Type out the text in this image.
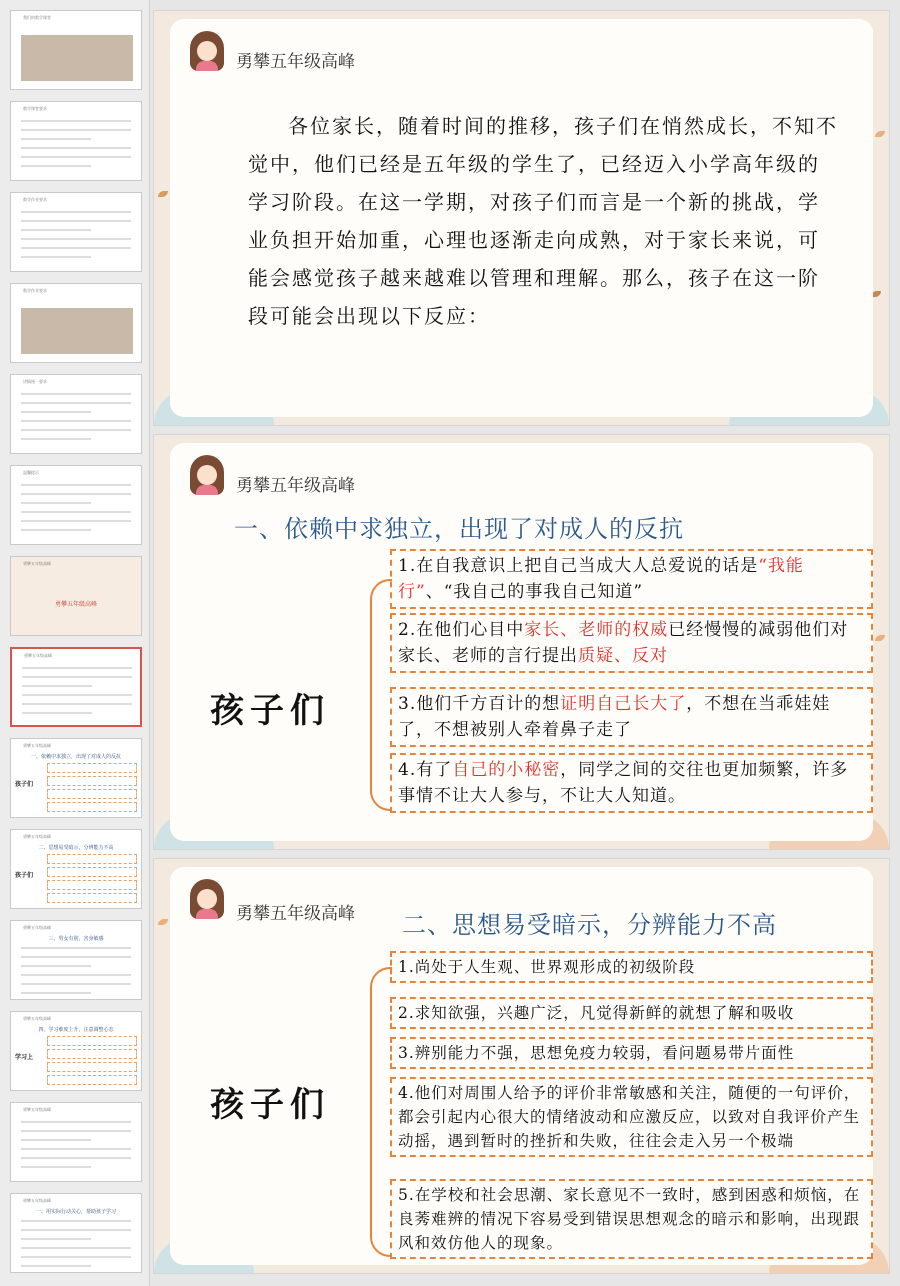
我们的数学课堂
数学课堂要求
数学作业要求
数学作业要求
讲稿统一要求
温馨提示
勇攀五年级高峰
勇攀五年级高峰
勇攀五年级高峰
勇攀五年级高峰
一、依赖中求独立，出现了对成人的反抗
孩子们
勇攀五年级高峰
二、思想易受暗示，分辨能力不高
孩子们
勇攀五年级高峰
三、男女有别，害身敏感
勇攀五年级高峰
四、学习难度上升，注意调整心态
学习上
勇攀五年级高峰
勇攀五年级高峰
一、用实际行动关心，帮助孩子学习
勇攀五年级高峰
各位家长，随着时间的推移，孩子们在悄然成长，不知不觉中，他们已经是五年级的学生了，已经迈入小学高年级的学习阶段。在这一学期，对孩子们而言是一个新的挑战，学业负担开始加重，心理也逐渐走向成熟，对于家长来说，可能会感觉孩子越来越难以管理和理解。那么，孩子在这一阶段可能会出现以下反应：
勇攀五年级高峰
一、依赖中求独立，出现了对成人的反抗
孩子们
1.在自我意识上把自己当成大人总爱说的话是“我能行”、“我自己的事我自己知道”
2.在他们心目中家长、老师的权威已经慢慢的减弱他们对家长、老师的言行提出质疑、反对
3.他们千方百计的想证明自己长大了，不想在当乖娃娃了，不想被别人牵着鼻子走了
4.有了自己的小秘密，同学之间的交往也更加频繁，许多事情不让大人参与，不让大人知道。
勇攀五年级高峰 二、思想易受暗示，分辨能力不高
孩子们
1.尚处于人生观、世界观形成的初级阶段
2.求知欲强，兴趣广泛，凡觉得新鲜的就想了解和吸收
3.辨别能力不强，思想免疫力较弱，看问题易带片面性
4.他们对周围人给予的评价非常敏感和关注，随便的一句评价，都会引起内心很大的情绪波动和应激反应，以致对自我评价产生动摇，遇到暂时的挫折和失败，往往会走入另一个极端
5.在学校和社会思潮、家长意见不一致时，感到困惑和烦恼，在良莠难辨的情况下容易受到错误思想观念的暗示和影响，出现跟风和效仿他人的现象。
